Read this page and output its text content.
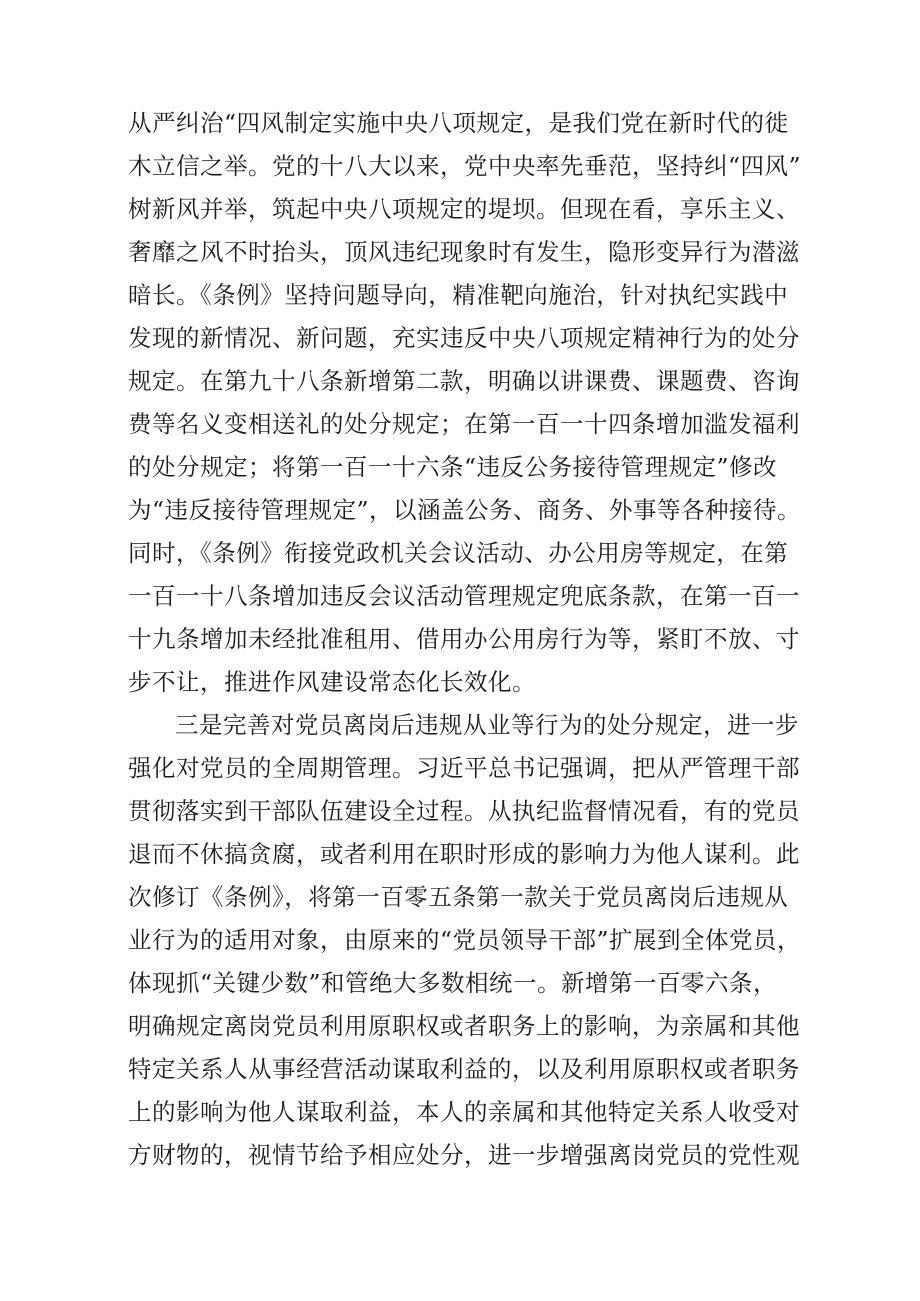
从严纠治“四风制定实施中央八项规定，是我们党在新时代的徙
木立信之举。党的十八大以来，党中央率先垂范，坚持纠“四风”
树新风并举，筑起中央八项规定的堤坝。但现在看，享乐主义、
奢靡之风不时抬头，顶风违纪现象时有发生，隐形变异行为潜滋
暗长。《条例》坚持问题导向，精准靶向施治，针对执纪实践中
发现的新情况、新问题，充实违反中央八项规定精神行为的处分
规定。在第九十八条新增第二款，明确以讲课费、课题费、咨询
费等名义变相送礼的处分规定；在第一百一十四条增加滥发福利
的处分规定；将第一百一十六条“违反公务接待管理规定”修改
为“违反接待管理规定”，以涵盖公务、商务、外事等各种接待。
同时，《条例》衔接党政机关会议活动、办公用房等规定，在第
一百一十八条增加违反会议活动管理规定兜底条款，在第一百一
十九条增加未经批准租用、借用办公用房行为等，紧盯不放、寸
步不让，推进作风建设常态化长效化。
三是完善对党员离岗后违规从业等行为的处分规定，进一步
强化对党员的全周期管理。习近平总书记强调，把从严管理干部
贯彻落实到干部队伍建设全过程。从执纪监督情况看，有的党员
退而不休搞贪腐，或者利用在职时形成的影响力为他人谋利。此
次修订《条例》，将第一百零五条第一款关于党员离岗后违规从
业行为的适用对象，由原来的“党员领导干部”扩展到全体党员，
体现抓“关键少数”和管绝大多数相统一。新增第一百零六条，
明确规定离岗党员利用原职权或者职务上的影响，为亲属和其他
特定关系人从事经营活动谋取利益的，以及利用原职权或者职务
上的影响为他人谋取利益，本人的亲属和其他特定关系人收受对
方财物的，视情节给予相应处分，进一步增强离岗党员的党性观
